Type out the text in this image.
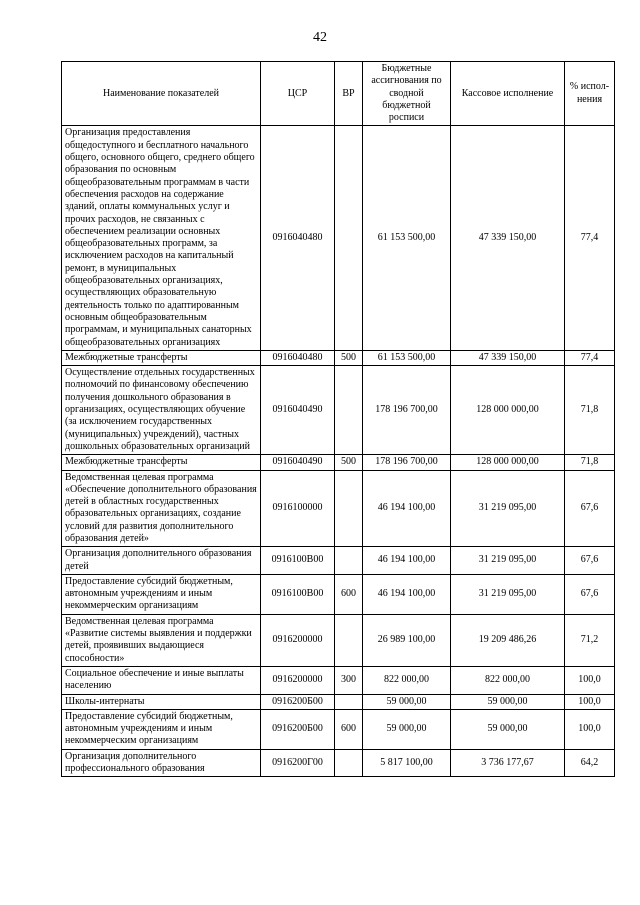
42
Наименование показателей	ЦСР	ВР	Бюджетные ассигнования по сводной бюджетной росписи	Кассовое исполнение	% испол-нения
Организация предоставления общедоступного и бесплатного начального общего, основного общего, среднего общего образования по основным общеобразовательным программам в части обеспечения расходов на содержание зданий, оплаты коммунальных услуг и прочих расходов, не связанных с обеспечением реализации основных общеобразовательных программ, за исключением расходов на капитальный ремонт, в муниципальных общеобразовательных организациях, осуществляющих образовательную деятельность только по адаптированным основным общеобразовательным программам, и муниципальных санаторных общеобразовательных организациях	0916040480		61 153 500,00	47 339 150,00	77,4
Межбюджетные трансферты	0916040480	500	61 153 500,00	47 339 150,00	77,4
Осуществление отдельных государственных полномочий по финансовому обеспечению получения дошкольного образования в организациях, осуществляющих обучение (за исключением государственных (муниципальных) учреждений), частных дошкольных образовательных организаций	0916040490		178 196 700,00	128 000 000,00	71,8
Межбюджетные трансферты	0916040490	500	178 196 700,00	128 000 000,00	71,8
Ведомственная целевая программа «Обеспечение дополнительного образования детей в областных государственных образовательных организациях, создание условий для развития дополнительного образования детей»	0916100000		46 194 100,00	31 219 095,00	67,6
Организация дополнительного образования детей	0916100В00		46 194 100,00	31 219 095,00	67,6
Предоставление субсидий бюджетным, автономным учреждениям и иным некоммерческим организациям	0916100В00	600	46 194 100,00	31 219 095,00	67,6
Ведомственная целевая программа «Развитие системы выявления и поддержки детей, проявивших выдающиеся способности»	0916200000		26 989 100,00	19 209 486,26	71,2
Социальное обеспечение и иные выплаты населению	0916200000	300	822 000,00	822 000,00	100,0
Школы-интернаты	0916200Б00		59 000,00	59 000,00	100,0
Предоставление субсидий бюджетным, автономным учреждениям и иным некоммерческим организациям	0916200Б00	600	59 000,00	59 000,00	100,0
Организация дополнительного профессионального образования	0916200Г00		5 817 100,00	3 736 177,67	64,2
